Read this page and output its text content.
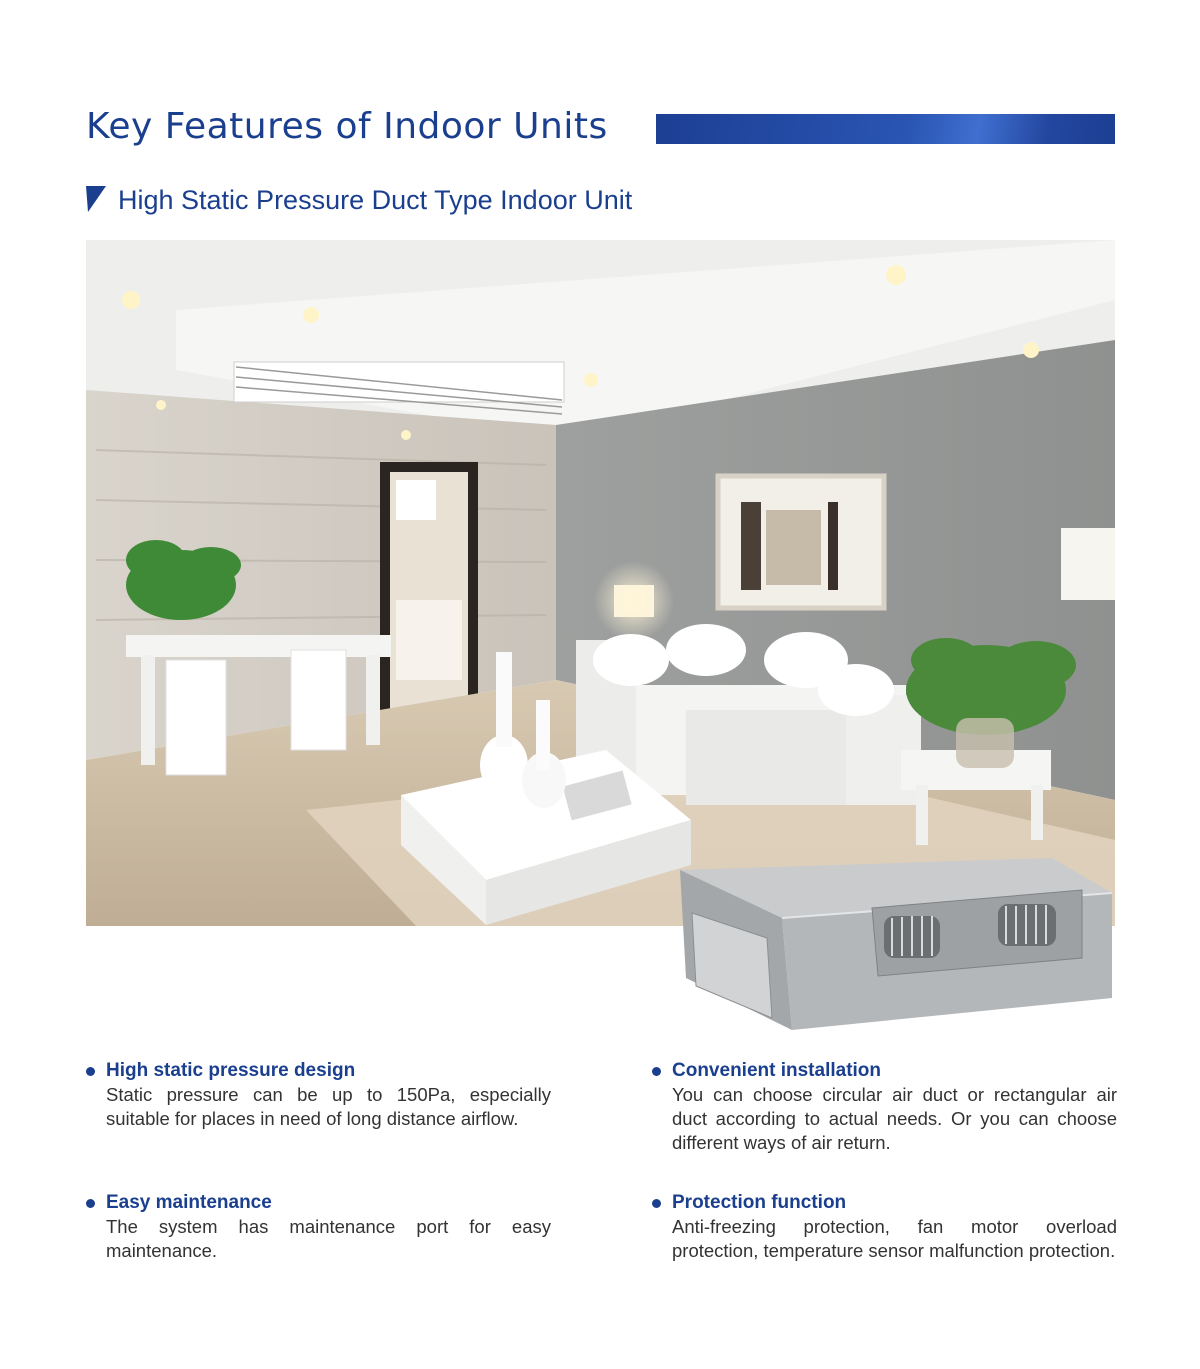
Key Features of Indoor Units
High Static Pressure Duct Type Indoor Unit
High static pressure design

Static pressure can be up to 150Pa, especially suitable for places in need of long distance airflow.

Convenient installation

You can choose circular air duct or rectangular air duct according to actual needs. Or you can choose different ways of air return.

Easy maintenance

The system has maintenance port for easy maintenance.

Protection function

Anti-freezing protection, fan motor overload protection, temperature sensor malfunction protection.
